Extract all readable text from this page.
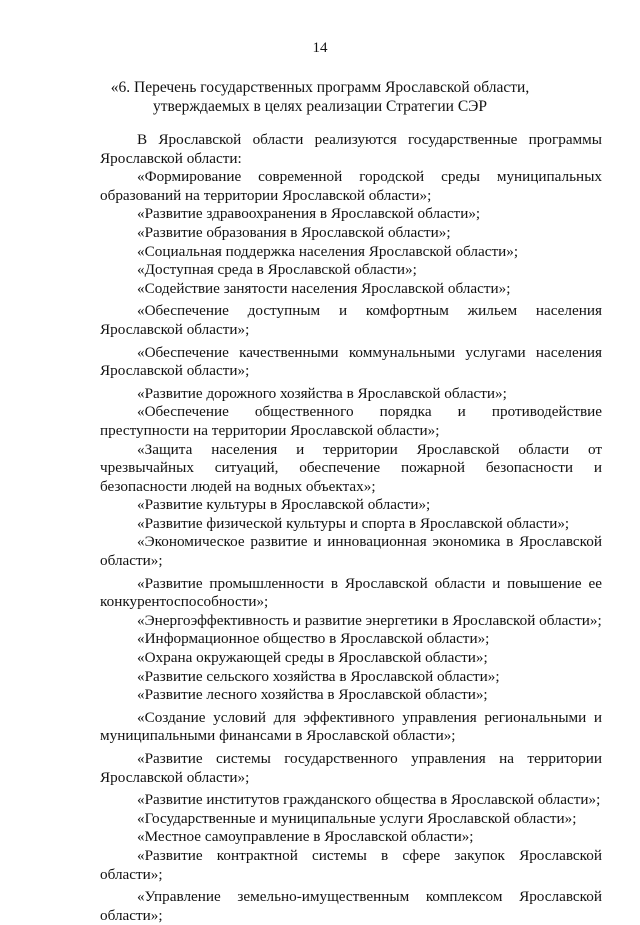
14
«6. Перечень государственных программ Ярославской области,
утверждаемых в целях реализации Стратегии СЭР

В Ярославской области реализуются государственные программы Ярославской области:

«Формирование современной городской среды муниципальных образований на территории Ярославской области»;

«Развитие здравоохранения в Ярославской области»;

«Развитие образования в Ярославской области»;

«Социальная поддержка населения Ярославской области»;

«Доступная среда в Ярославской области»;

«Содействие занятости населения Ярославской области»;

«Обеспечение доступным и комфортным жильем населения Ярославской области»;

«Обеспечение качественными коммунальными услугами населения Ярославской области»;

«Развитие дорожного хозяйства в Ярославской области»;

«Обеспечение общественного порядка и противодействие преступности на территории Ярославской области»;

«Защита населения и территории Ярославской области от чрезвычайных ситуаций, обеспечение пожарной безопасности и безопасности людей на водных объектах»;

«Развитие культуры в Ярославской области»;

«Развитие физической культуры и спорта в Ярославской области»;

«Экономическое развитие и инновационная экономика в Ярославской области»;

«Развитие промышленности в Ярославской области и повышение ее конкурентоспособности»;

«Энергоэффективность и развитие энергетики в Ярославской области»;

«Информационное общество в Ярославской области»;

«Охрана окружающей среды в Ярославской области»;

«Развитие сельского хозяйства в Ярославской области»;

«Развитие лесного хозяйства в Ярославской области»;

«Создание условий для эффективного управления региональными и муниципальными финансами в Ярославской области»;

«Развитие системы государственного управления на территории Ярославской области»;

«Развитие институтов гражданского общества в Ярославской области»;

«Государственные и муниципальные услуги Ярославской области»;

«Местное самоуправление в Ярославской области»;

«Развитие контрактной системы в сфере закупок Ярославской области»;

«Управление земельно-имущественным комплексом Ярославской области»;
